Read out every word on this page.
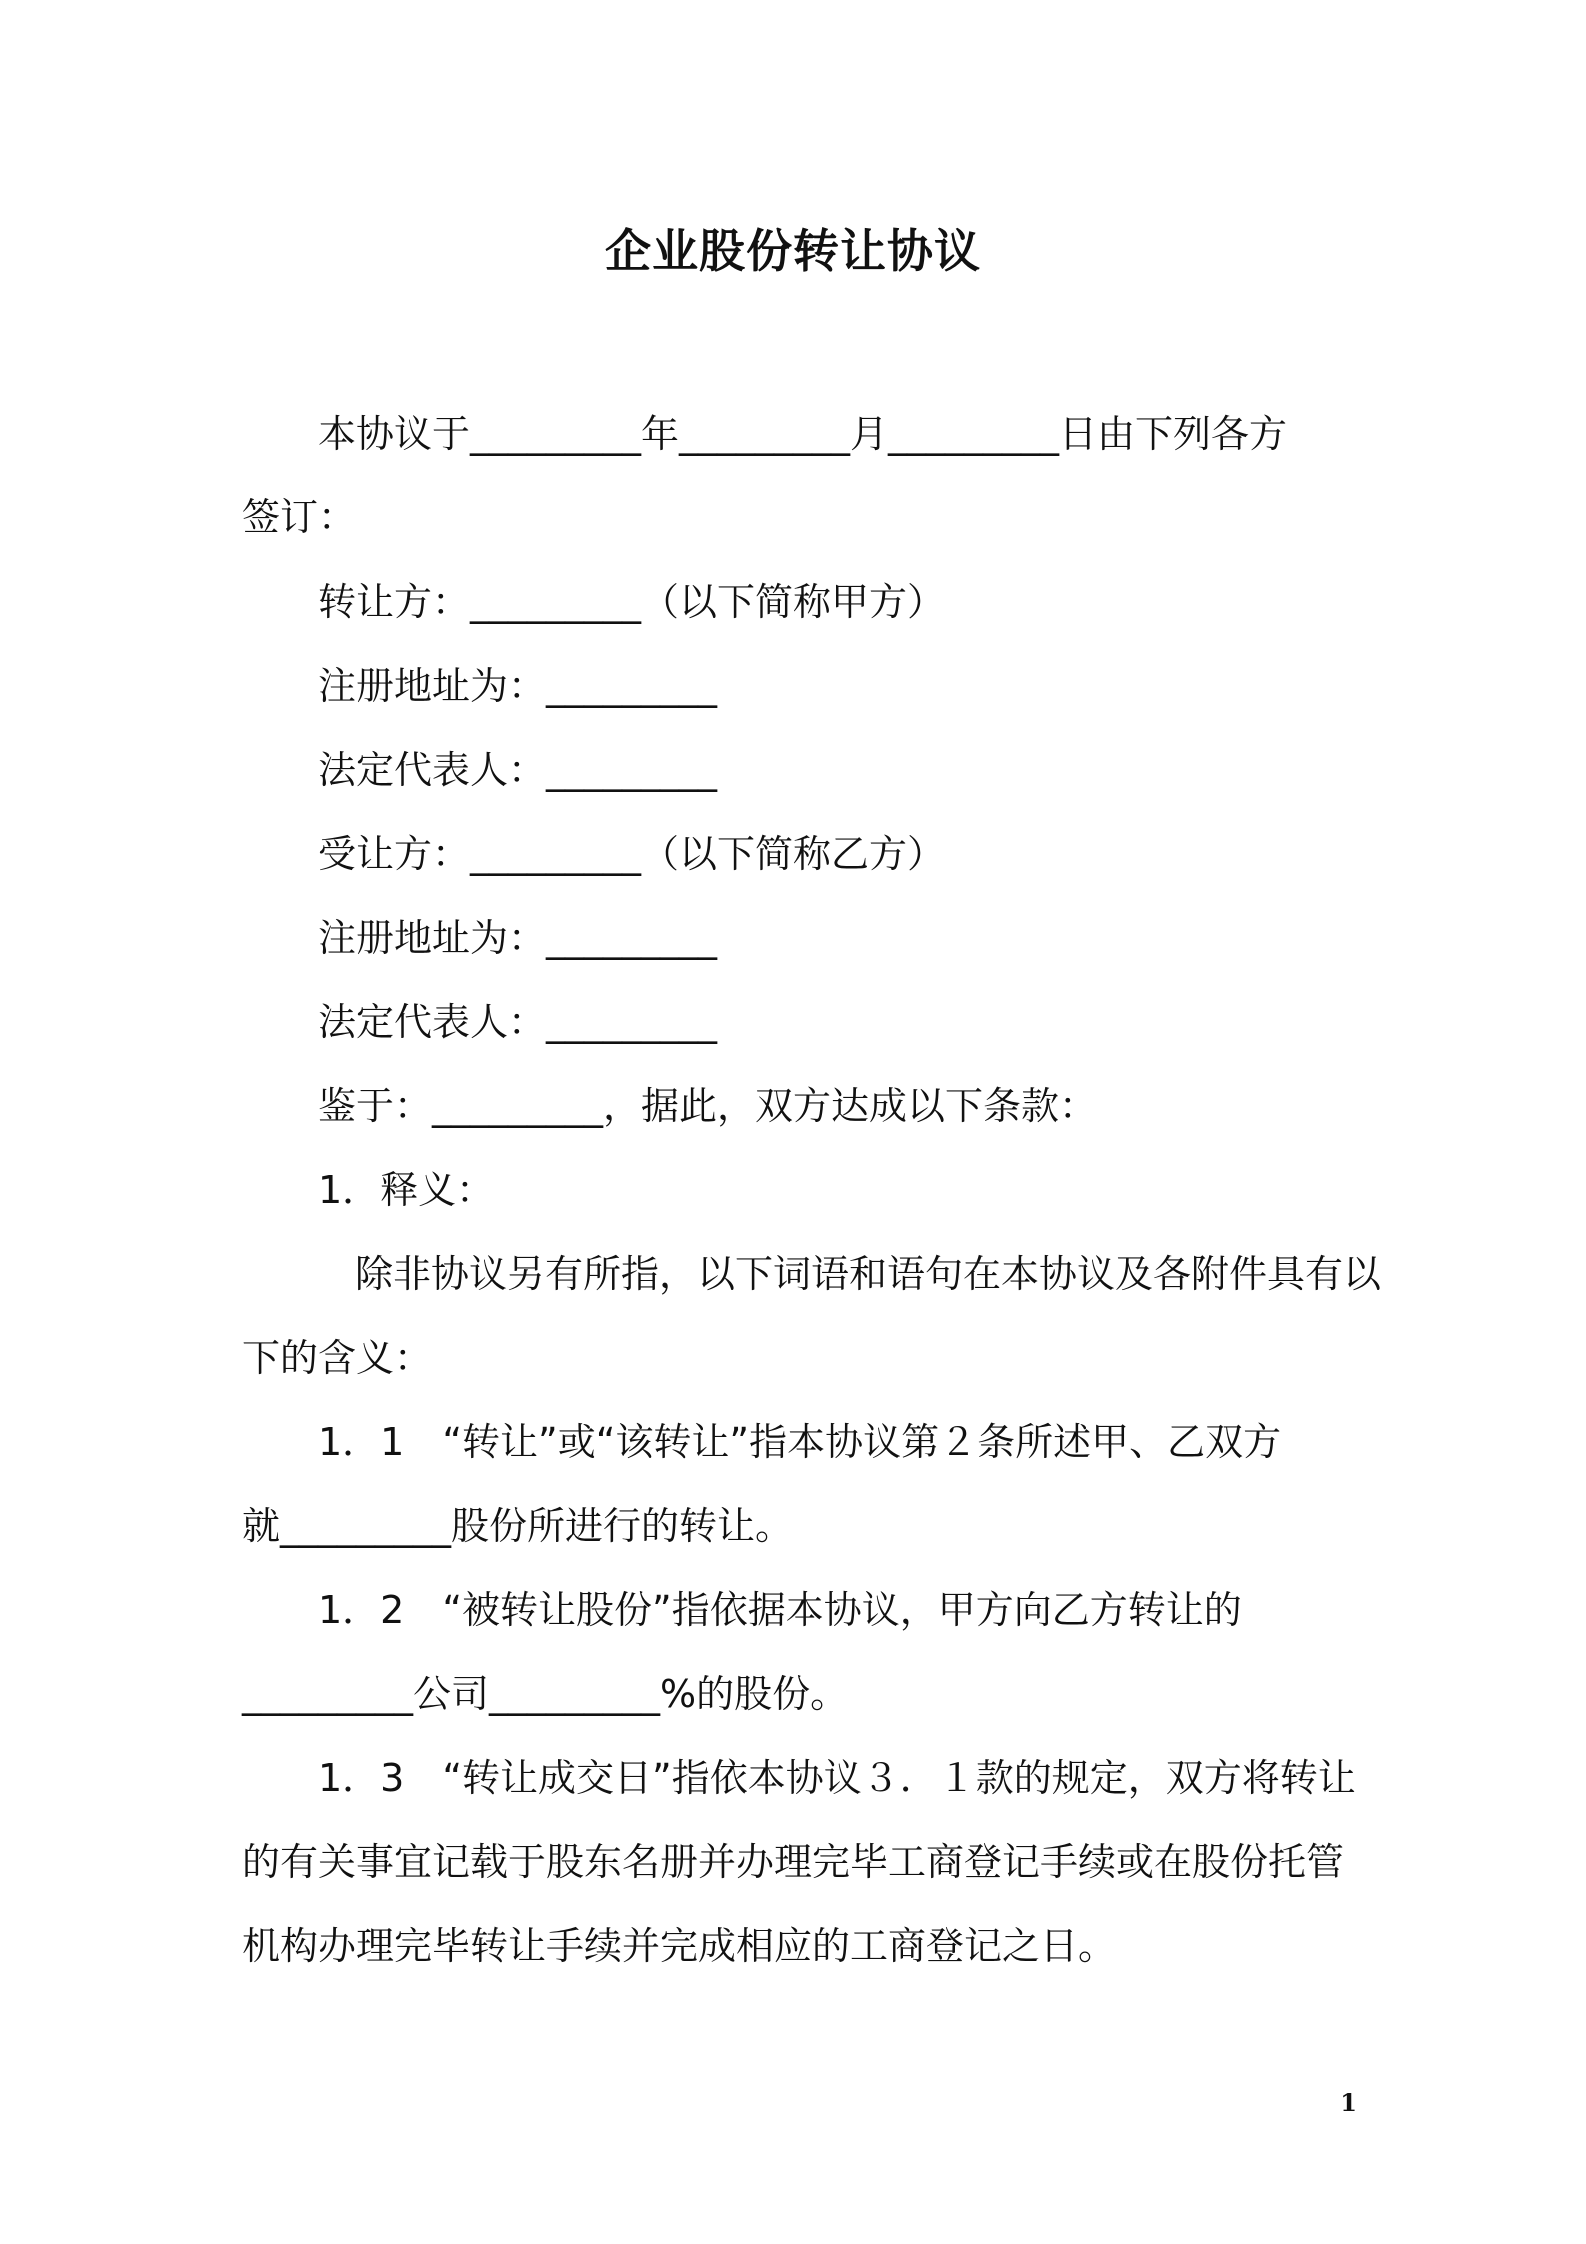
企业股份转让协议
本协议于_________年_________月_________日由下列各方
签订：
转让方：_________（以下简称甲方）
注册地址为：_________
法定代表人：_________
受让方：_________（以下简称乙方）
注册地址为：_________
法定代表人：_________
鉴于：_________，据此，双方达成以下条款：
1．释义：
除非协议另有所指，以下词语和语句在本协议及各附件具有以
下的含义：
1．1　“转让”或“该转让”指本协议第２条所述甲、乙双方
就_________股份所进行的转让。
1．2　“被转让股份”指依据本协议，甲方向乙方转让的
_________公司_________%的股份。
1．3　“转让成交日”指依本协议３．１款的规定，双方将转让
的有关事宜记载于股东名册并办理完毕工商登记手续或在股份托管
机构办理完毕转让手续并完成相应的工商登记之日。
1
